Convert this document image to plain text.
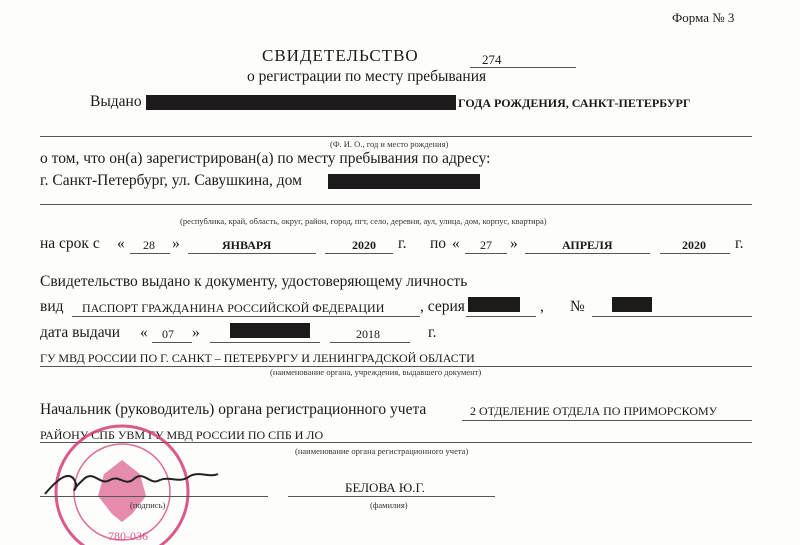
Форма № 3
СВИДЕТЕЛЬСТВО	274
о регистрации по месту пребывания
Выдано	ГОДА РОЖДЕНИЯ, САНКТ-ПЕТЕРБУРГ
(Ф. И. О., год и место рождения)
о том, что он(а) зарегистрирован(а) по месту пребывания по адресу:
г. Санкт-Петербург, ул. Савушкина, дом
(республика, край, область, округ, район, город, пгт, село, деревня, аул, улица, дом, корпус, квартира)
на срок с « 28 »	ЯНВАРЯ	2020 г. по « 27 »	АПРЕЛЯ	2020 г.
Свидетельство выдано к документу, удостоверяющему личность
вид ПАСПОРТ ГРАЖДАНИНА РОССИЙСКОЙ ФЕДЕРАЦИИ , серия	, №
дата выдачи « 07 »	2018	г.
ГУ МВД РОССИИ ПО Г. САНКТ – ПЕТЕРБУРГУ И ЛЕНИНГРАДСКОЙ ОБЛАСТИ
(наименование органа, учреждения, выдавшего документ)
Начальник (руководитель) органа регистрационного учета	2 ОТДЕЛЕНИЕ ОТДЕЛА ПО ПРИМОРСКОМУ
РАЙОНУ СПБ УВМ ГУ МВД РОССИИ ПО СПБ И ЛО
(наименование органа регистрационного учета)
780-036
(подпись)
БЕЛОВА Ю.Г.
(фамилия)
